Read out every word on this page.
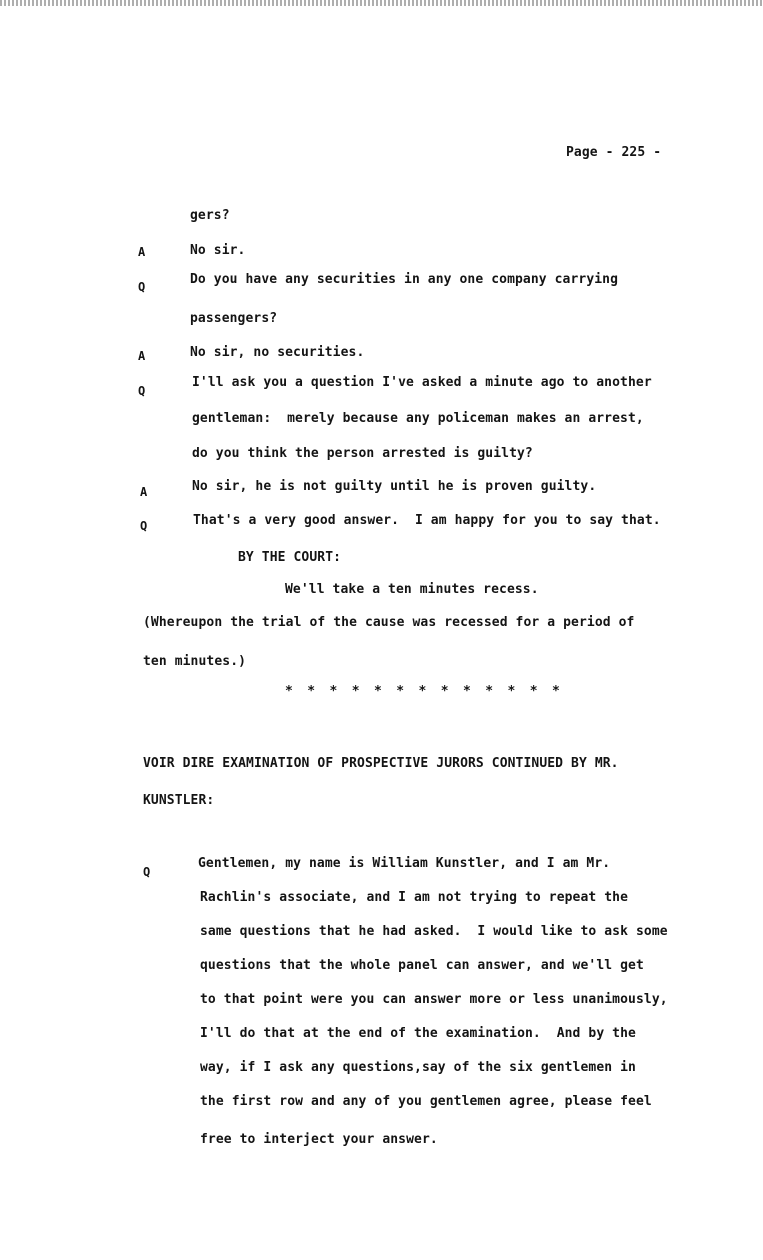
Page - 225 -
gers?
A	No sir.
Q	Do you have any securities in any one company carrying
passengers?
A	No sir, no securities.
Q
I'll ask you a question I've asked a minute ago to another
gentleman:  merely because any policeman makes an arrest,
do you think the person arrested is guilty?
A	No sir, he is not guilty until he is proven guilty.
Q	That's a very good answer.  I am happy for you to say that.
BY THE COURT:
We'll take a ten minutes recess.
(Whereupon the trial of the cause was recessed for a period of
ten minutes.)
* * * * * * * * * * * * *
VOIR DIRE EXAMINATION OF PROSPECTIVE JURORS CONTINUED BY MR.
KUNSTLER:
Q
Gentlemen, my name is William Kunstler, and I am Mr.
Rachlin's associate, and I am not trying to repeat the
same questions that he had asked.  I would like to ask some
questions that the whole panel can answer, and we'll get
to that point were you can answer more or less unanimously,
I'll do that at the end of the examination.  And by the
way, if I ask any questions,say of the six gentlemen in
the first row and any of you gentlemen agree, please feel
free to interject your answer.
